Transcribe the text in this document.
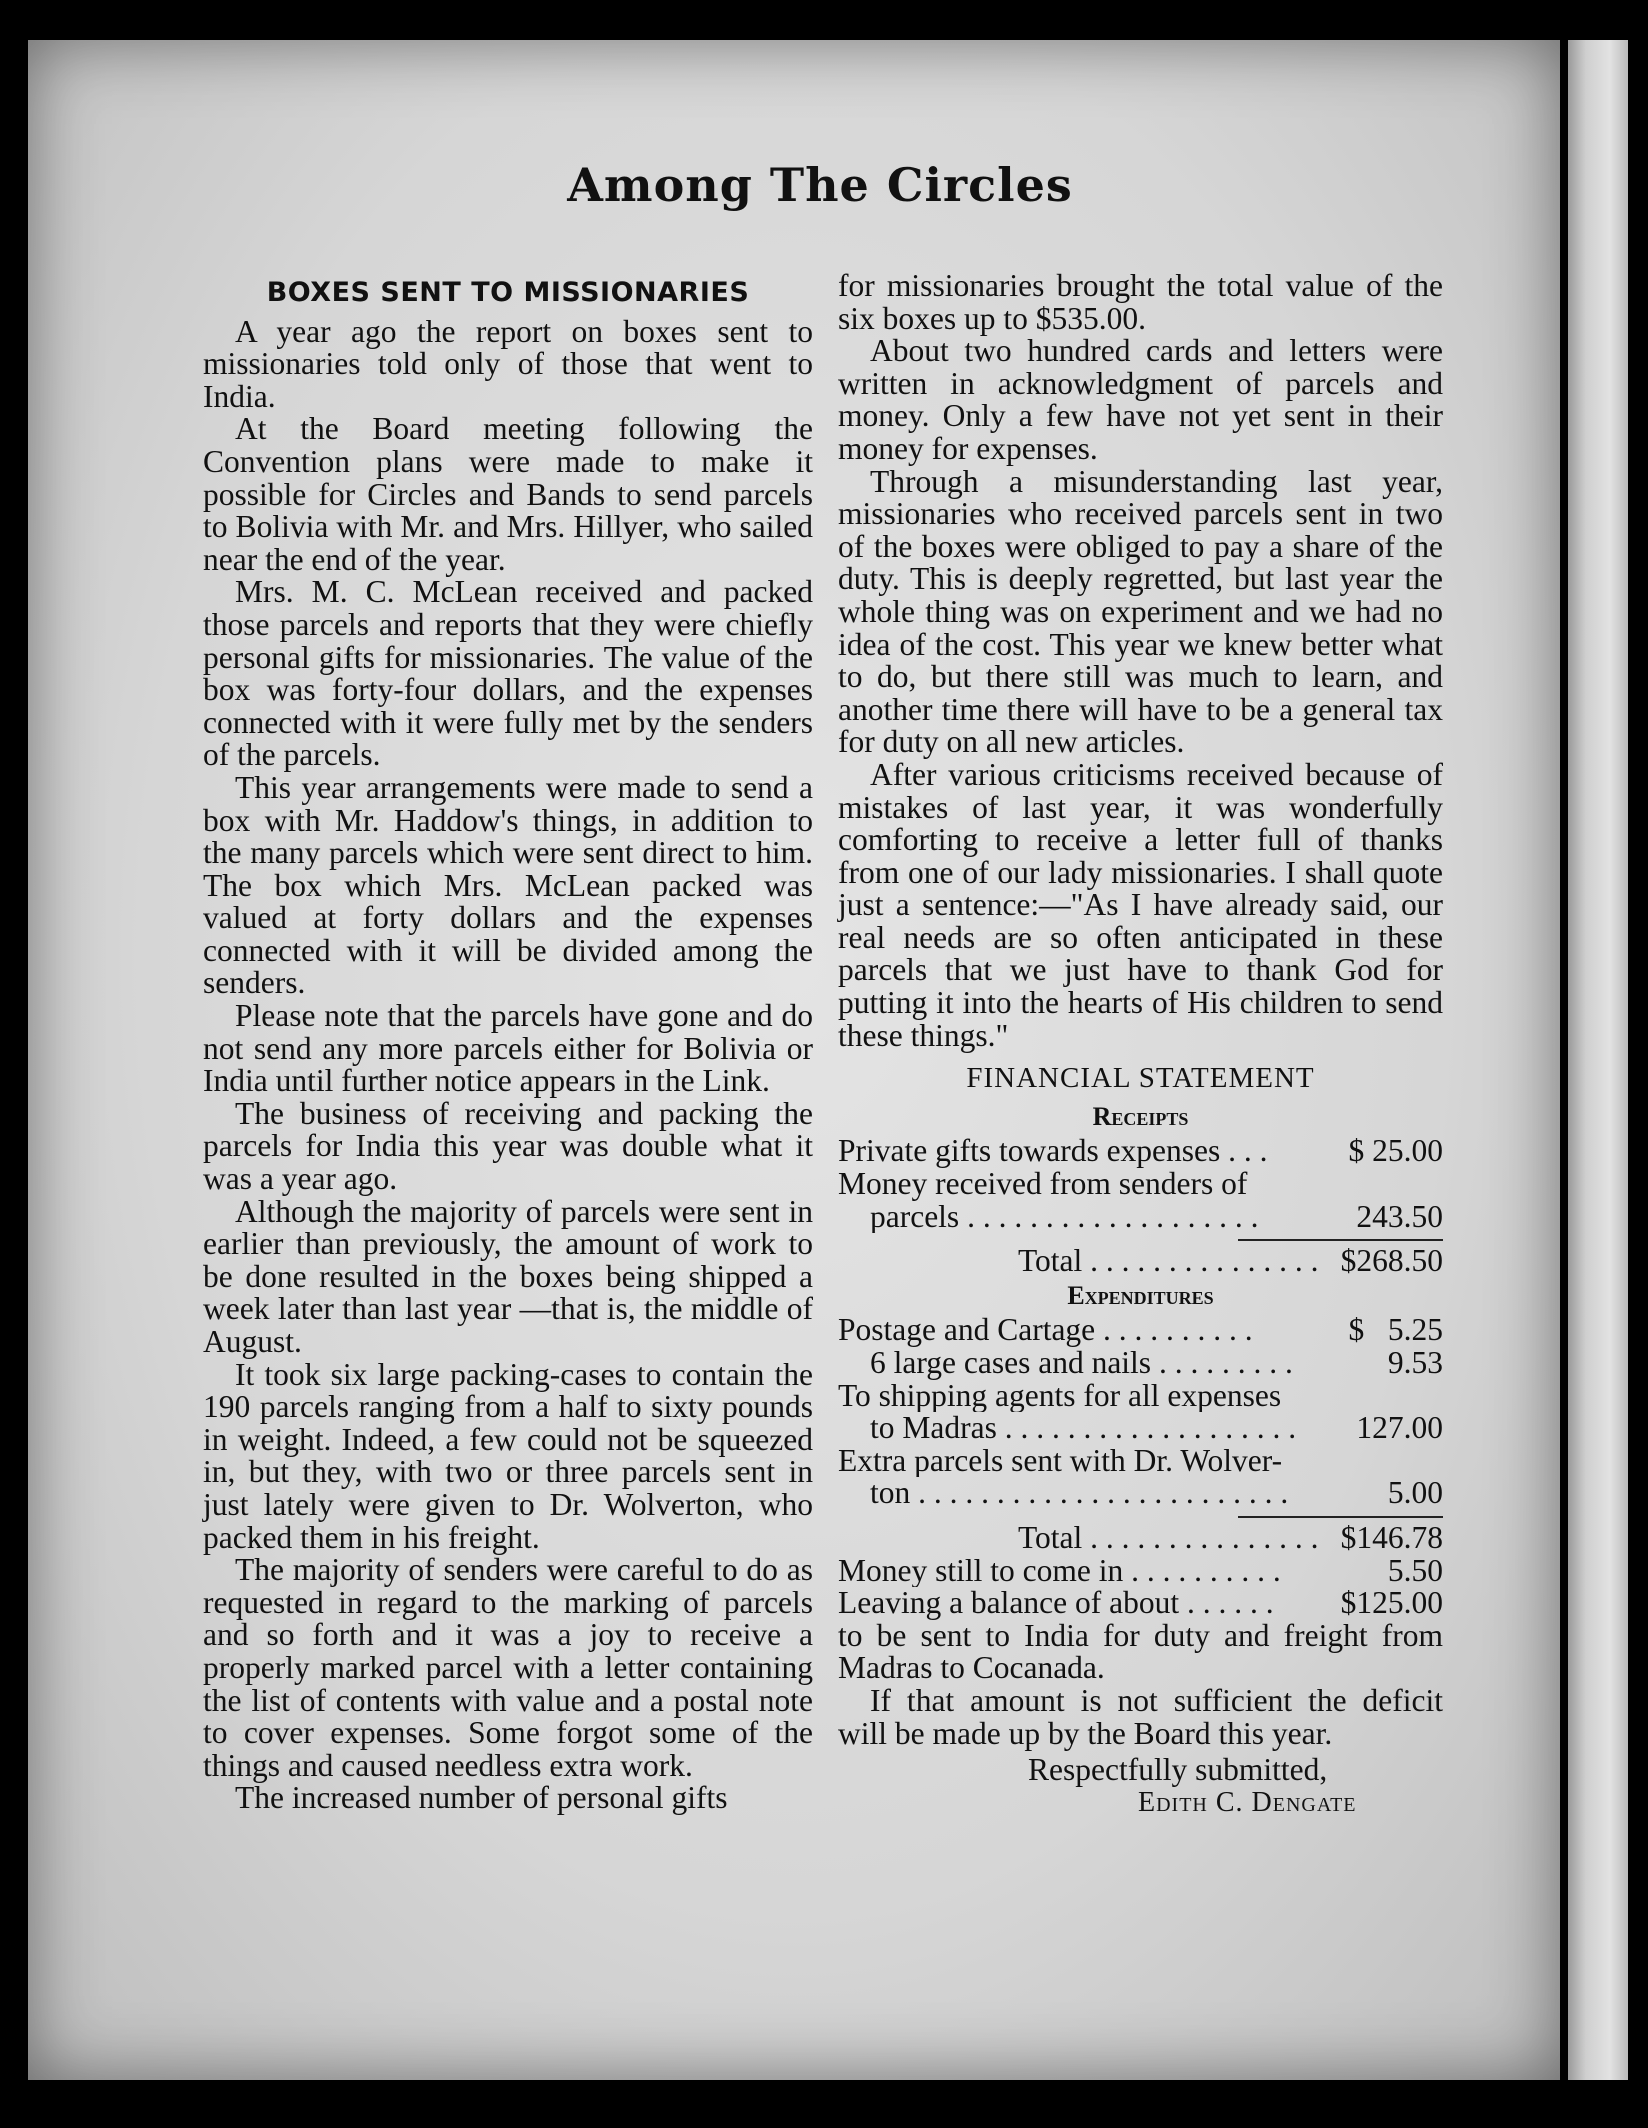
Among The Circles

BOXES SENT TO MISSIONARIES

A year ago the report on boxes sent to missionaries told only of those that went to India.

At the Board meeting following the Convention plans were made to make it possible for Circles and Bands to send parcels to Bolivia with Mr. and Mrs. Hillyer, who sailed near the end of the year.

Mrs. M. C. McLean received and packed those parcels and reports that they were chiefly personal gifts for missionaries. The value of the box was forty-four dollars, and the expenses connected with it were fully met by the senders of the parcels.

This year arrangements were made to send a box with Mr. Haddow's things, in addition to the many parcels which were sent direct to him. The box which Mrs. McLean packed was valued at forty dollars and the expenses connected with it will be divided among the senders.

Please note that the parcels have gone and do not send any more parcels either for Bolivia or India until further notice appears in the Link.

The business of receiving and packing the parcels for India this year was double what it was a year ago.

Although the majority of parcels were sent in earlier than previously, the amount of work to be done resulted in the boxes being shipped a week later than last year —that is, the middle of August.

It took six large packing-cases to contain the 190 parcels ranging from a half to sixty pounds in weight. Indeed, a few could not be squeezed in, but they, with two or three parcels sent in just lately were given to Dr. Wolverton, who packed them in his freight.

The majority of senders were careful to do as requested in regard to the marking of parcels and so forth and it was a joy to receive a properly marked parcel with a letter containing the list of contents with value and a postal note to cover expenses. Some forgot some of the things and caused needless extra work.

The increased number of personal gifts

for missionaries brought the total value of the six boxes up to $535.00.

About two hundred cards and letters were written in acknowledgment of parcels and money. Only a few have not yet sent in their money for expenses.

Through a misunderstanding last year, missionaries who received parcels sent in two of the boxes were obliged to pay a share of the duty. This is deeply regretted, but last year the whole thing was on experiment and we had no idea of the cost. This year we knew better what to do, but there still was much to learn, and another time there will have to be a general tax for duty on all new articles.

After various criticisms received because of mistakes of last year, it was wonderfully comforting to receive a letter full of thanks from one of our lady missionaries. I shall quote just a sentence:—"As I have already said, our real needs are so often anticipated in these parcels that we just have to thank God for putting it into the hearts of His children to send these things."

FINANCIAL STATEMENT

Receipts

Private gifts towards expenses . . .	$ 25.00
Money received from senders of
parcels . . . . . . . . . . . . . . . . . . .	243.50
Total . . . . . . . . . . . . . . . $268.50

Expenditures

Postage and Cartage . . . . . . . . . .	$   5.25
6 large cases and nails . . . . . . . . .	9.53
To shipping agents for all expenses
to Madras . . . . . . . . . . . . . . . . . . .	127.00
Extra parcels sent with Dr. Wolver-
ton . . . . . . . . . . . . . . . . . . . . . . . .	5.00
Total . . . . . . . . . . . . . . . $146.78
Money still to come in . . . . . . . . . .	5.50
Leaving a balance of about . . . . . .	$125.00

to be sent to India for duty and freight from Madras to Cocanada.

If that amount is not sufficient the deficit will be made up by the Board this year.

Respectfully submitted,
Edith C. Dengate
